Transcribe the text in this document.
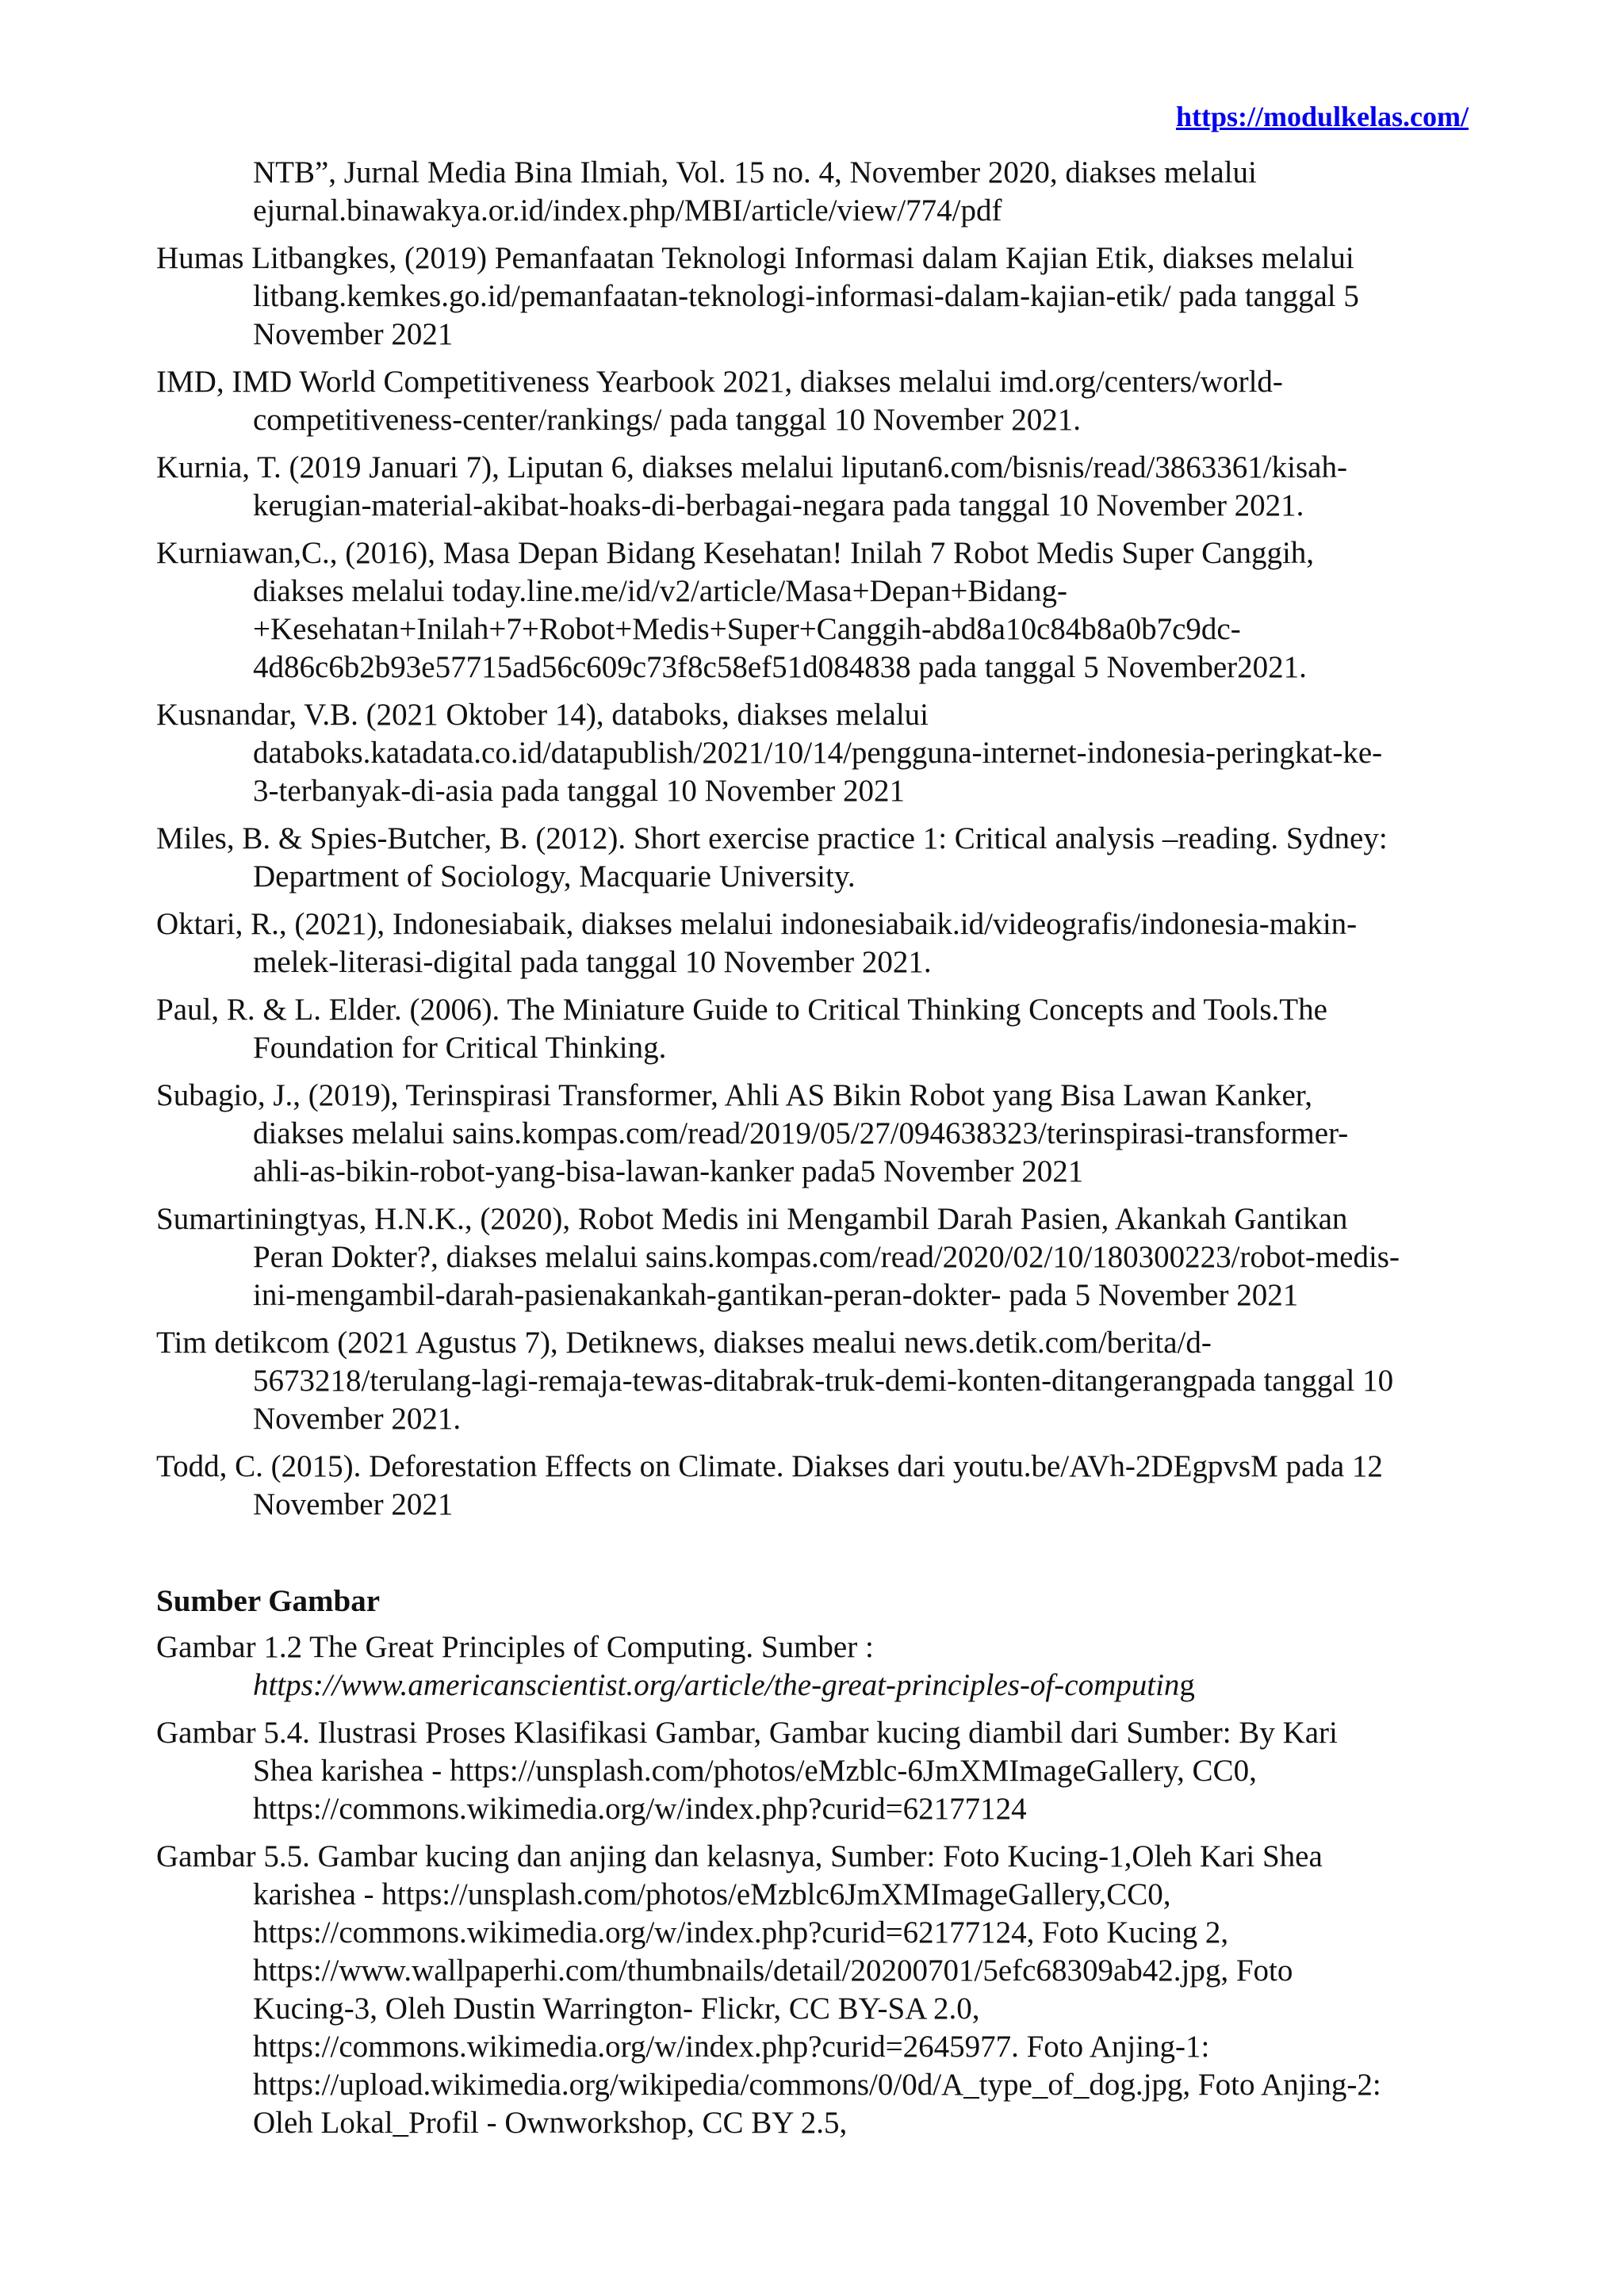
https://modulkelas.com/
NTB”, Jurnal Media Bina Ilmiah, Vol. 15 no. 4, November 2020, diakses melalui
ejurnal.binawakya.or.id/index.php/MBI/article/view/774/pdf
Humas Litbangkes, (2019) Pemanfaatan Teknologi Informasi dalam Kajian Etik, diakses melalui
litbang.kemkes.go.id/pemanfaatan-teknologi-informasi-dalam-kajian-etik/ pada tanggal 5
November 2021
IMD, IMD World Competitiveness Yearbook 2021, diakses melalui imd.org/centers/world-
competitiveness-center/rankings/ pada tanggal 10 November 2021.
Kurnia, T. (2019 Januari 7), Liputan 6, diakses melalui liputan6.com/bisnis/read/3863361/kisah-
kerugian-material-akibat-hoaks-di-berbagai-negara pada tanggal 10 November 2021.
Kurniawan,C., (2016), Masa Depan Bidang Kesehatan! Inilah 7 Robot Medis Super Canggih,
diakses melalui today.line.me/id/v2/article/Masa+Depan+Bidang-
+Kesehatan+Inilah+7+Robot+Medis+Super+Canggih-abd8a10c84b8a0b7c9dc-
4d86c6b2b93e57715ad56c609c73f8c58ef51d084838 pada tanggal 5 November2021.
Kusnandar, V.B. (2021 Oktober 14), databoks, diakses melalui
databoks.katadata.co.id/datapublish/2021/10/14/pengguna-internet-indonesia-peringkat-ke-
3-terbanyak-di-asia pada tanggal 10 November 2021
Miles, B. & Spies-Butcher, B. (2012). Short exercise practice 1: Critical analysis –reading. Sydney:
Department of Sociology, Macquarie University.
Oktari, R., (2021), Indonesiabaik, diakses melalui indonesiabaik.id/videografis/indonesia-makin-
melek-literasi-digital pada tanggal 10 November 2021.
Paul, R. & L. Elder. (2006). The Miniature Guide to Critical Thinking Concepts and Tools.The
Foundation for Critical Thinking.
Subagio, J., (2019), Terinspirasi Transformer, Ahli AS Bikin Robot yang Bisa Lawan Kanker,
diakses melalui sains.kompas.com/read/2019/05/27/094638323/terinspirasi-transformer-
ahli-as-bikin-robot-yang-bisa-lawan-kanker pada5 November 2021
Sumartiningtyas, H.N.K., (2020), Robot Medis ini Mengambil Darah Pasien, Akankah Gantikan
Peran Dokter?, diakses melalui sains.kompas.com/read/2020/02/10/180300223/robot-medis-
ini-mengambil-darah-pasienakankah-gantikan-peran-dokter- pada 5 November 2021
Tim detikcom (2021 Agustus 7), Detiknews, diakses mealui news.detik.com/berita/d-
5673218/terulang-lagi-remaja-tewas-ditabrak-truk-demi-konten-ditangerangpada tanggal 10
November 2021.
Todd, C. (2015). Deforestation Effects on Climate. Diakses dari youtu.be/AVh-2DEgpvsM pada 12
November 2021
Sumber Gambar
Gambar 1.2 The Great Principles of Computing. Sumber :
https://www.americanscientist.org/article/the-great-principles-of-computing
Gambar 5.4. Ilustrasi Proses Klasifikasi Gambar, Gambar kucing diambil dari Sumber: By Kari
Shea karishea - https://unsplash.com/photos/eMzblc-6JmXMImageGallery, CC0,
https://commons.wikimedia.org/w/index.php?curid=62177124
Gambar 5.5. Gambar kucing dan anjing dan kelasnya, Sumber: Foto Kucing-1,Oleh Kari Shea
karishea - https://unsplash.com/photos/eMzblc6JmXMImageGallery,CC0,
https://commons.wikimedia.org/w/index.php?curid=62177124, Foto Kucing 2,
https://www.wallpaperhi.com/thumbnails/detail/20200701/5efc68309ab42.jpg, Foto
Kucing-3, Oleh Dustin Warrington- Flickr, CC BY-SA 2.0,
https://commons.wikimedia.org/w/index.php?curid=2645977. Foto Anjing-1:
https://upload.wikimedia.org/wikipedia/commons/0/0d/A_type_of_dog.jpg, Foto Anjing-2:
Oleh Lokal_Profil - Ownworkshop, CC BY 2.5,
